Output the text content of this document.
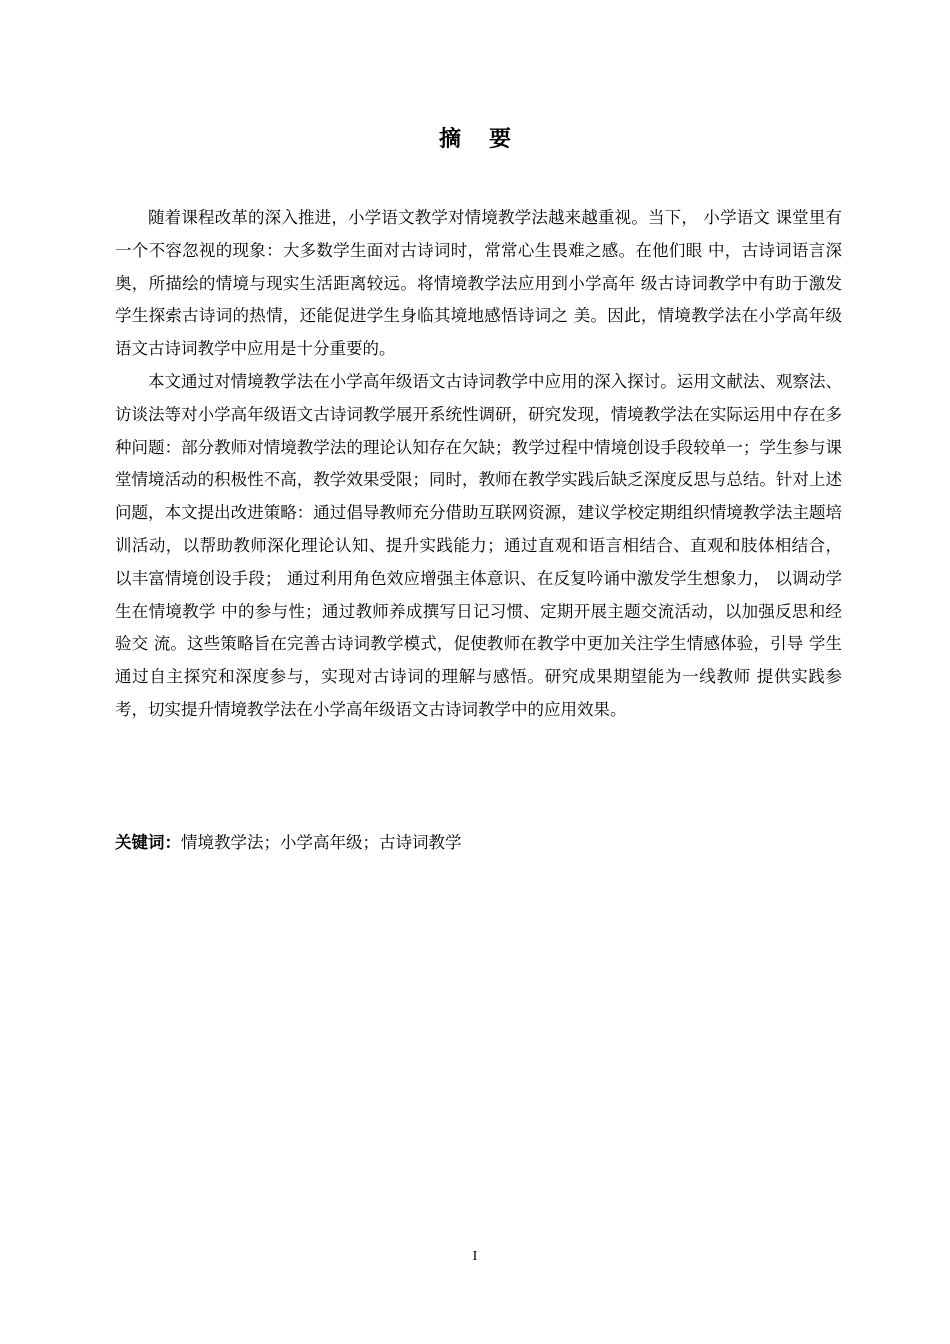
摘 要

随着课程改革的深入推进，小学语文教学对情境教学法越来越重视。当下， 小学语文 课堂里有一个不容忽视的现象：大多数学生面对古诗词时，常常心生畏难之感。在他们眼 中，古诗词语言深奥，所描绘的情境与现实生活距离较远。将情境教学法应用到小学高年 级古诗词教学中有助于激发学生探索古诗词的热情，还能促进学生身临其境地感悟诗词之 美。因此，情境教学法在小学高年级语文古诗词教学中应用是十分重要的。

本文通过对情境教学法在小学高年级语文古诗词教学中应用的深入探讨。运用文献法、观察法、访谈法等对小学高年级语文古诗词教学展开系统性调研，研究发现，情境教学法在实际运用中存在多种问题：部分教师对情境教学法的理论认知存在欠缺；教学过程中情境创设手段较单一；学生参与课堂情境活动的积极性不高，教学效果受限；同时，教师在教学实践后缺乏深度反思与总结。针对上述问题，本文提出改进策略：通过倡导教师充分借助互联网资源，建议学校定期组织情境教学法主题培训活动，以帮助教师深化理论认知、提升实践能力；通过直观和语言相结合、直观和肢体相结合， 以丰富情境创设手段； 通过利用角色效应增强主体意识、在反复吟诵中激发学生想象力， 以调动学生在情境教学 中的参与性；通过教师养成撰写日记习惯、定期开展主题交流活动，以加强反思和经验交 流。这些策略旨在完善古诗词教学模式，促使教师在教学中更加关注学生情感体验，引导 学生通过自主探究和深度参与，实现对古诗词的理解与感悟。研究成果期望能为一线教师 提供实践参考，切实提升情境教学法在小学高年级语文古诗词教学中的应用效果。

关键词：情境教学法；小学高年级；古诗词教学
I
